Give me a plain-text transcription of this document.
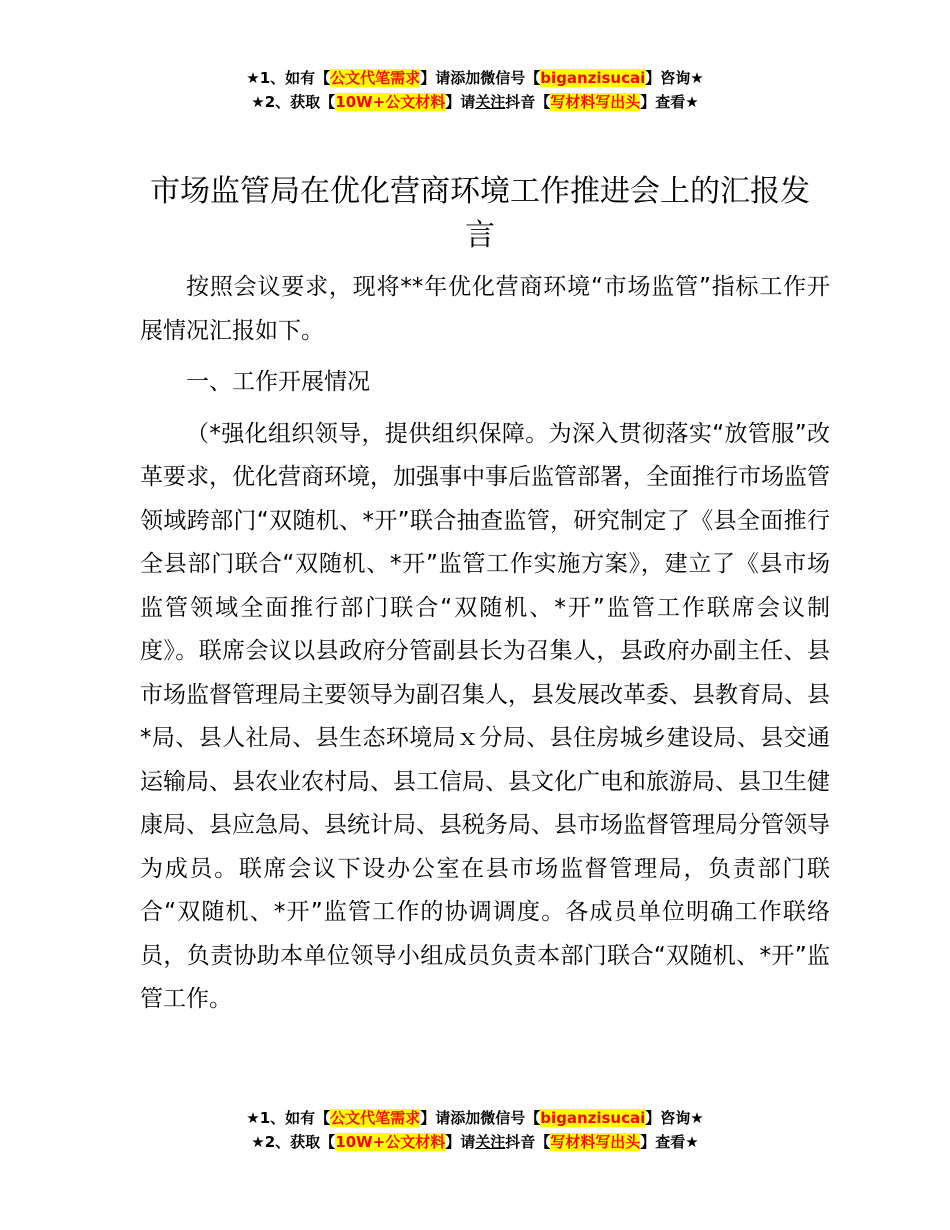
★1、如有【公文代笔需求】请添加微信号【biganzisucai】咨询★
★2、获取【10W+公文材料】请关注抖音【写材料写出头】查看★
市场监管局在优化营商环境工作推进会上的汇报发言

按照会议要求，现将**年优化营商环境“市场监管”指标工作开展情况汇报如下。

一、工作开展情况

（*强化组织领导，提供组织保障。为深入贯彻落实“放管服”改革要求，优化营商环境，加强事中事后监管部署，全面推行市场监管领域跨部门“双随机、*开”联合抽查监管，研究制定了《县全面推行全县部门联合“双随机、*开”监管工作实施方案》，建立了《县市场监管领域全面推行部门联合“双随机、*开”监管工作联席会议制度》。联席会议以县政府分管副县长为召集人，县政府办副主任、县市场监督管理局主要领导为副召集人，县发展改革委、县教育局、县*局、县人社局、县生态环境局ｘ分局、县住房城乡建设局、县交通运输局、县农业农村局、县工信局、县文化广电和旅游局、县卫生健康局、县应急局、县统计局、县税务局、县市场监督管理局分管领导为成员。联席会议下设办公室在县市场监督管理局，负责部门联合“双随机、*开”监管工作的协调调度。各成员单位明确工作联络员，负责协助本单位领导小组成员负责本部门联合“双随机、*开”监管工作。

★1、如有【公文代笔需求】请添加微信号【biganzisucai】咨询★
★2、获取【10W+公文材料】请关注抖音【写材料写出头】查看★
